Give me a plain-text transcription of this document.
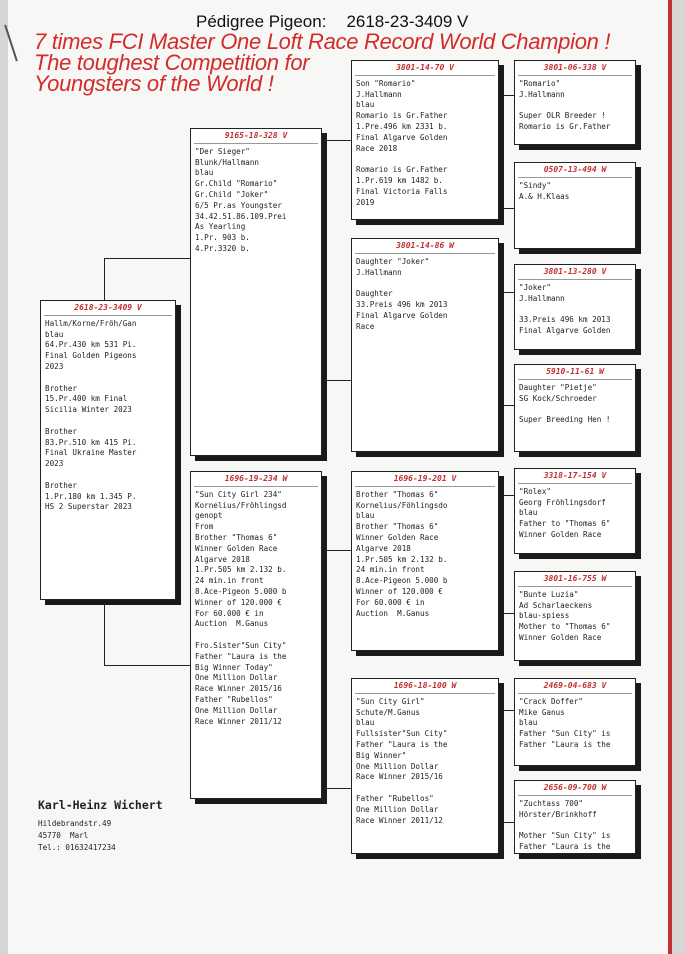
Pédigree Pigeon: 2618-23-3409 V
7 times FCI Master One Loft Race Record World Champion !
The toughest Competition for
Youngsters of the World !
2618-23-3409 V
Hallm/Korne/Fröh/Gan
blau
64.Pr.430 km 531 Pi.
Final Golden Pigeons
2023

Brother
15.Pr.400 km Final
Sicilia Winter 2023

Brother
83.Pr.510 km 415 Pi.
Final Ukraine Master
2023

Brother
1.Pr.180 km 1.345 P.
HS 2 Superstar 2023
9165-18-328 V
"Der Sieger"
Blunk/Hallmann
blau
Gr.Child "Romario"
Gr.Child "Joker"
6/5 Pr.as Youngster
34.42.51.86.109.Prei
As Yearling
1.Pr. 903 b.
4.Pr.3320 b.
1696-19-234 W
"Sun City Girl 234"
Kornelius/Fröhlingsd
genopt
From
Brother "Thomas 6"
Winner Golden Race
Algarve 2018
1.Pr.505 km 2.132 b.
24 min.in front
8.Ace-Pigeon 5.000 b
Winner of 120.000 €
For 60.000 € in
Auction  M.Ganus

Fro.Sister"Sun City"
Father "Laura is the
Big Winner Today"
One Million Dollar
Race Winner 2015/16
Father "Rubellos"
One Million Dollar
Race Winner 2011/12
3801-14-70 V
Son "Romario"
J.Hallmann
blau
Romario is Gr.Father
1.Pre.496 km 2331 b.
Final Algarve Golden
Race 2018

Romario is Gr.Father
1.Pr.619 km 1482 b.
Final Victoria Falls
2019
3801-14-86 W
Daughter "Joker"
J.Hallmann

Daughter
33.Preis 496 km 2013
Final Algarve Golden
Race
1696-19-201 V
Brother "Thomas 6"
Kornelius/Föhlingsdo
blau
Brother "Thomas 6"
Winner Golden Race
Algarve 2018
1.Pr.505 km 2.132 b.
24 min.in front
8.Ace-Pigeon 5.000 b
Winner of 120.000 €
For 60.000 € in
Auction  M.Ganus
1696-18-100 W
"Sun City Girl"
Schute/M.Ganus
blau
Fullsister"Sun City"
Father "Laura is the
Big Winner"
One Million Dollar
Race Winner 2015/16

Father "Rubellos"
One Million Dollar
Race Winner 2011/12
3801-06-338 V
"Romario"
J.Hallmann

Super OLR Breeder !
Romario is Gr.Father
0507-13-494 W
"Sindy"
A.& H.Klaas
3801-13-280 V
"Joker"
J.Hallmann

33.Preis 496 km 2013
Final Algarve Golden
5910-11-61 W
Daughter "Pietje"
SG Kock/Schroeder

Super Breeding Hen !
3318-17-154 V
"Rolex"
Georg Fröhlingsdorf
blau
Father to "Thomas 6"
Winner Golden Race
3801-16-755 W
"Bunte Luzia"
Ad Scharlaeckens
blau-spiess
Mother to "Thomas 6"
Winner Golden Race
2469-04-683 V
"Crack Doffer"
Mike Ganus
blau
Father "Sun City" is
Father "Laura is the
2656-09-700 W
"Zuchtass 700"
Hörster/Brinkhoff

Mother "Sun City" is
Father "Laura is the
Karl-Heinz Wichert
Hildebrandstr.49
45770  Marl
Tel.: 01632417234
